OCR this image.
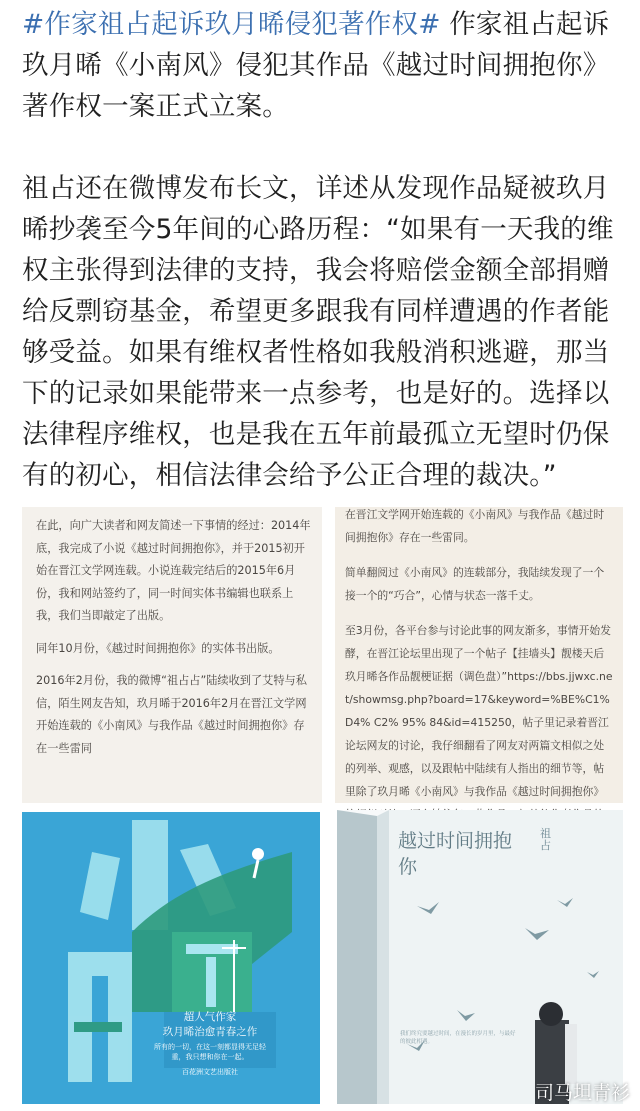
#作家祖占起诉玖月晞侵犯著作权# 作家祖占起诉玖月晞《小南风》侵犯其作品《越过时间拥抱你》著作权一案正式立案。

祖占还在微博发布长文，详述从发现作品疑被玖月晞抄袭至今5年间的心路历程：“如果有一天我的维权主张得到法律的支持，我会将赔偿金额全部捐赠给反剽窃基金，希望更多跟我有同样遭遇的作者能够受益。如果有维权者性格如我般消积逃避，那当下的记录如果能带来一点参考，也是好的。选择以法律程序维权，也是我在五年前最孤立无望时仍保有的初心，相信法律会给予公正合理的裁决。”

在此，向广大读者和网友简述一下事情的经过：2014年底，我完成了小说《越过时间拥抱你》，并于2015初开始在晋江文学网连载。小说连载完结后的2015年6月份，我和网站签约了，同一时间实体书编辑也联系上我，我们当即敲定了出版。
同年10月份，《越过时间拥抱你》的实体书出版。
2016年2月份，我的微博“祖占占”陆续收到了艾特与私信，陌生网友告知，玖月晞于2016年2月在晋江文学网开始连载的《小南风》与我作品《越过时间拥抱你》存在一些雷同
在晋江文学网开始连载的《小南风》与我作品《越过时间拥抱你》存在一些雷同。
简单翻阅过《小南风》的连载部分，我陆续发现了一个接一个的“巧合”，心情与状态一落千丈。
至3月份，各平台参与讨论此事的网友渐多，事情开始发酵，在晋江论坛里出现了一个帖子【挂墙头】靓楼天后玖月晞各作品靓梗证据（调色盘）”https://bbs.jjwxc.net/showmsg.php?board=17&keyword=%BE%C1% D4% C2% 95% 84&id=415250，帖子里记录着晋江论坛网友的讨论，我仔细翻看了网友对两篇文相似之处的列举、观感，以及跟帖中陆续有人指出的细节等，帖里除了玖月晞《小南风》与我作品《越过时间拥抱你》
超人气作家
玖月晞治愈青春之作
所有的一切，在这一刻都显得无足轻重，我只想和你在一起。
百花洲文艺出版社
越过时间拥抱你
祖占
我们终究要越过时间，在漫长的岁月里，与最好的彼此相遇。
司马坦青衫
